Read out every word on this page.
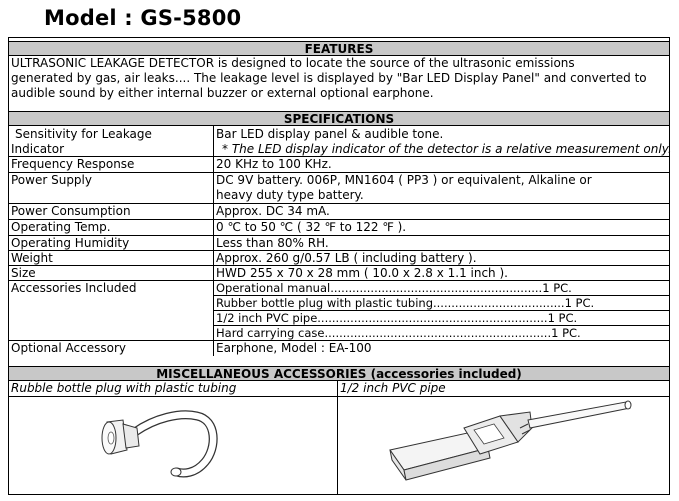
Model : GS-5800
FEATURES
ULTRASONIC LEAKAGE DETECTOR is designed to locate the source of the ultrasonic emissions
generated by gas, air leaks.... The leakage level is displayed by "Bar LED Display Panel" and converted to
audible sound by either internal buzzer or external optional earphone.
SPECIFICATIONS
Sensitivity for Leakage
Indicator
Frequency Response
Power Supply
Power Consumption
Operating Temp.
Operating Humidity
Weight
Size
Accessories Included
Optional Accessory
Bar LED display panel & audible tone.
* The LED display indicator of the detector is a relative measurement only.
20 KHz to 100 KHz.
DC 9V battery. 006P, MN1604 ( PP3 ) or equivalent, Alkaline or
heavy duty type battery.
Approx. DC 34 mA.
0 ℃ to 50 ℃ ( 32 ℉ to 122 ℉ ).
Less than 80% RH.
Approx. 260 g/0.57 LB ( including battery ).
HWD 255 x 70 x 28 mm ( 10.0 x 2.8 x 1.1 inch ).
Operational manual..........................................................1 PC.
Rubber bottle plug with plastic tubing....................................1 PC.
1/2 inch PVC pipe...............................................................1 PC.
Hard carrying case..............................................................1 PC.
Earphone, Model : EA-100
MISCELLANEOUS ACCESSORIES (accessories included)
Rubble bottle plug with plastic tubing	1/2 inch PVC pipe
